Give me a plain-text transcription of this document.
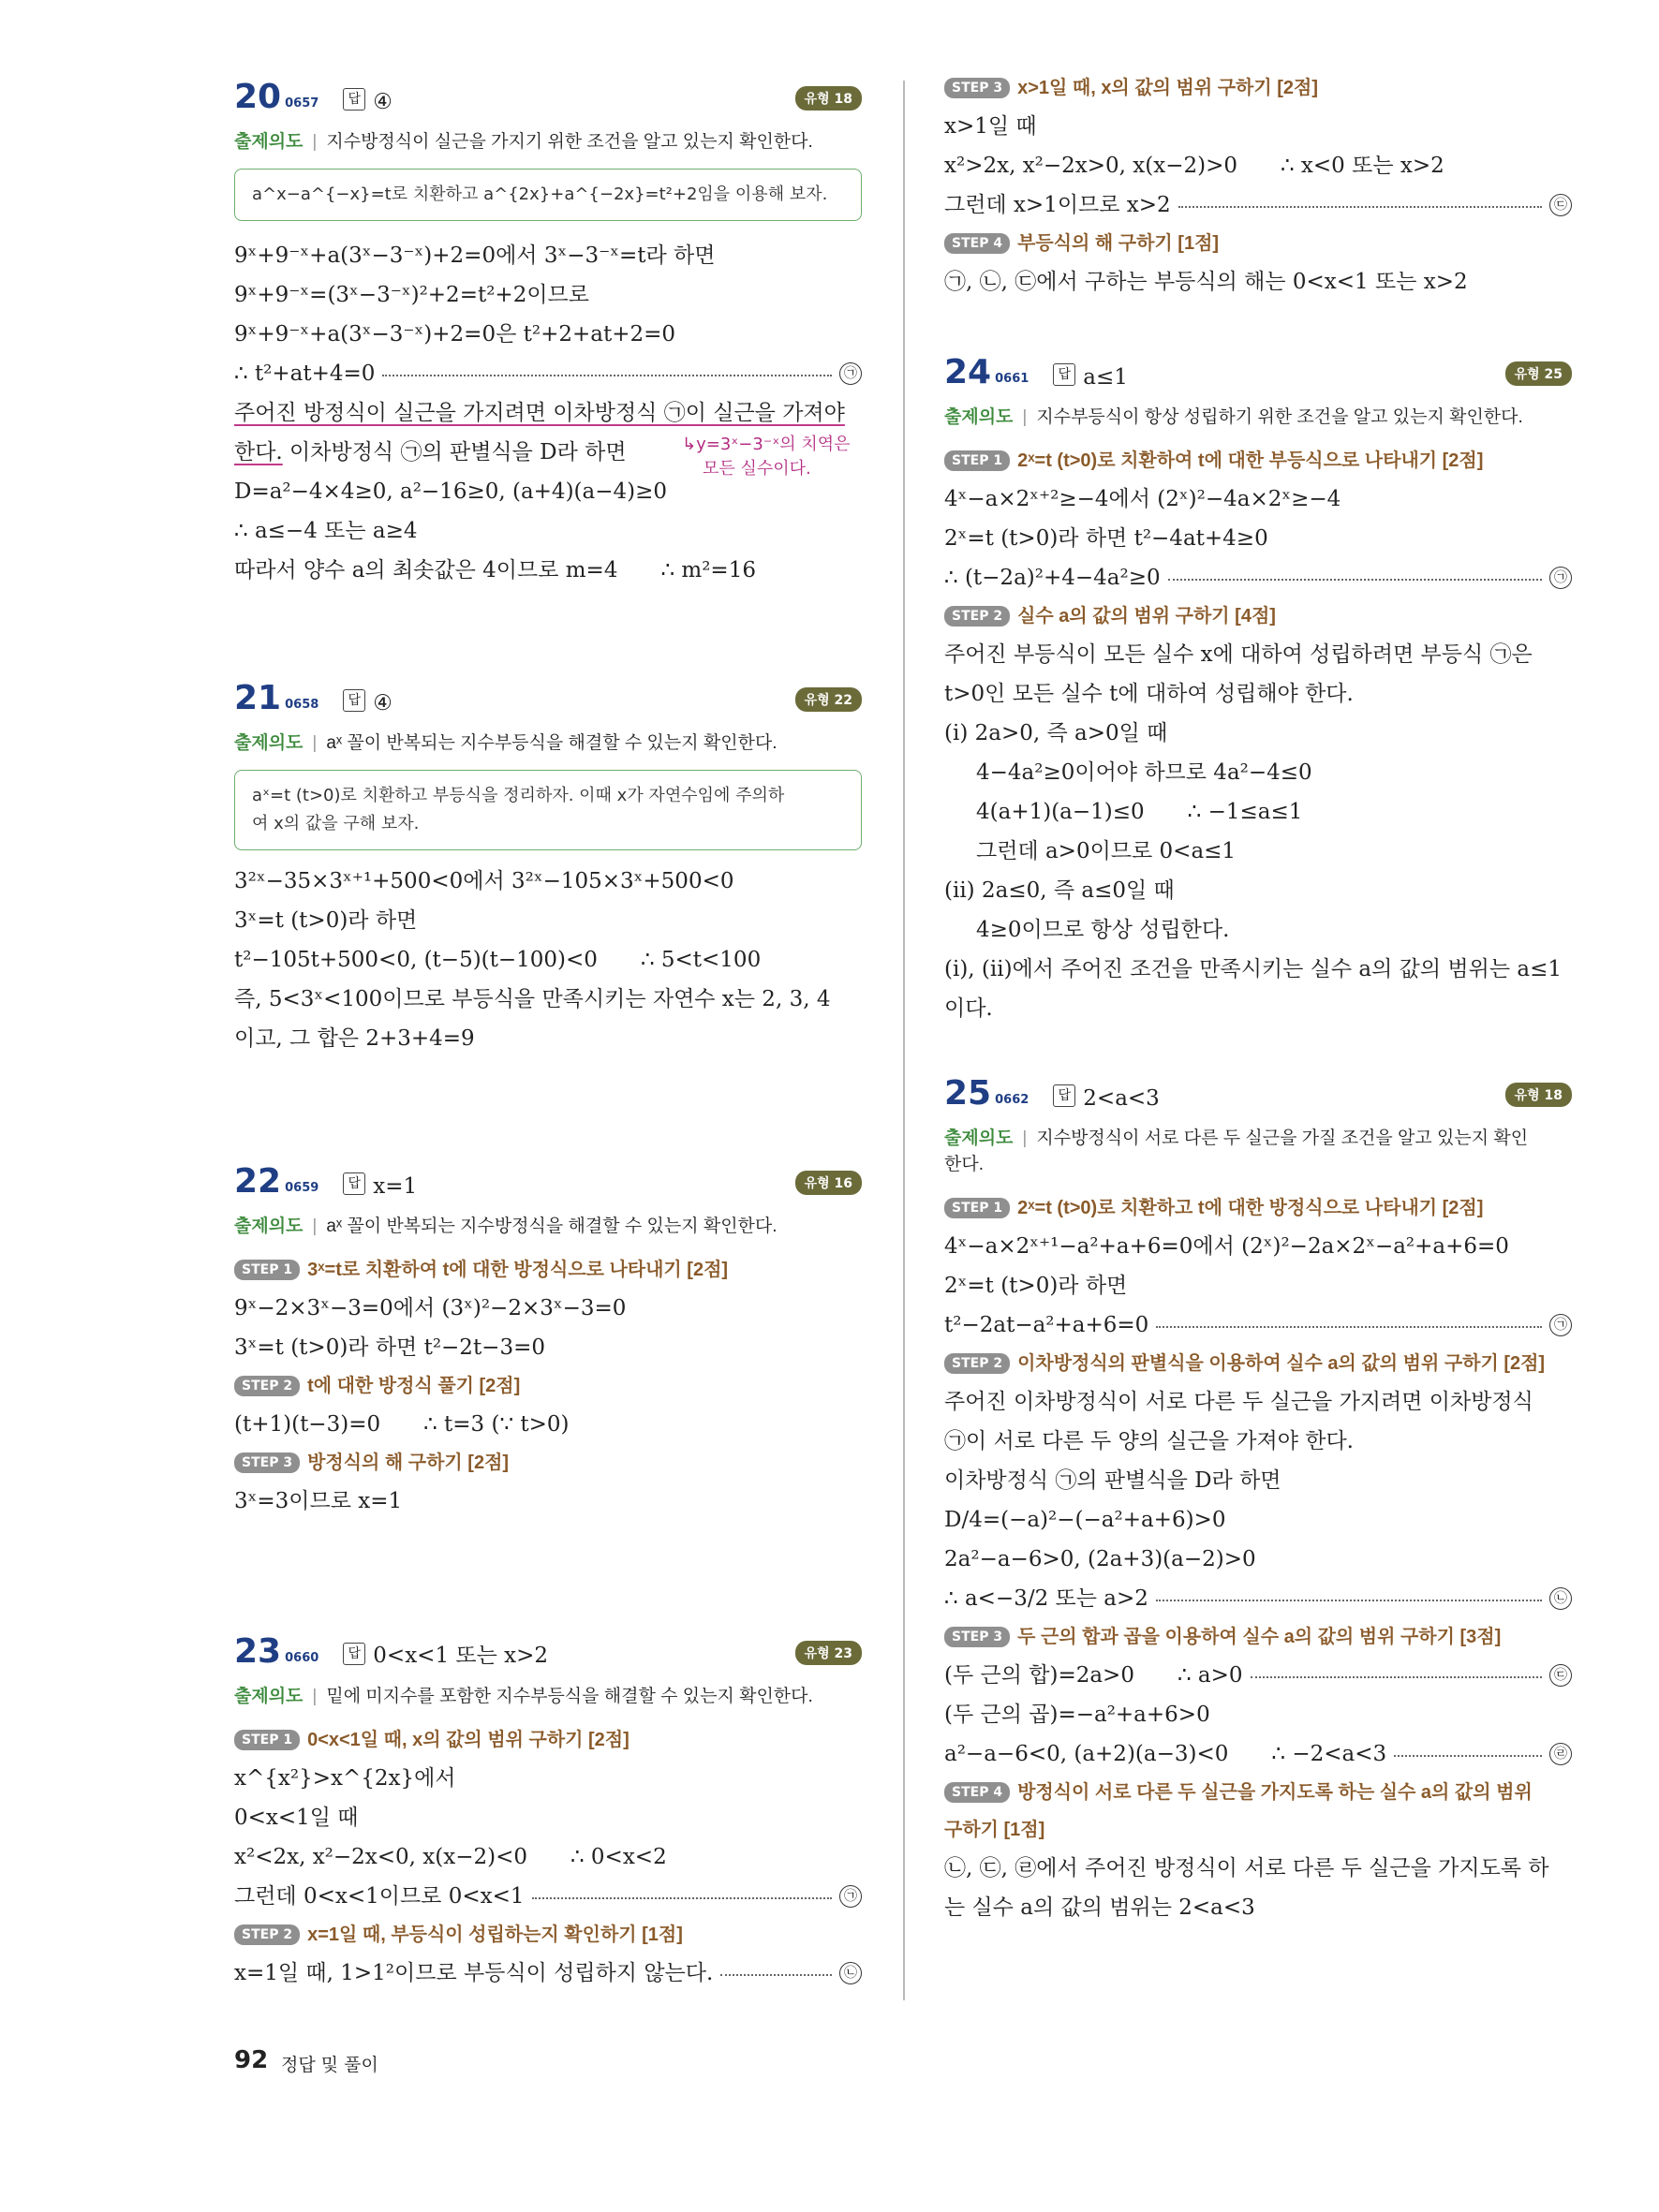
20 0657	답 ④	유형 18
출제의도 | 지수방정식이 실근을 가지기 위한 조건을 알고 있는지 확인한다.
a^x−a^{−x}=t로 치환하고 a^{2x}+a^{−2x}=t²+2임을 이용해 보자.
9ˣ+9⁻ˣ+a(3ˣ−3⁻ˣ)+2=0에서 3ˣ−3⁻ˣ=t라 하면
9ˣ+9⁻ˣ=(3ˣ−3⁻ˣ)²+2=t²+2이므로
9ˣ+9⁻ˣ+a(3ˣ−3⁻ˣ)+2=0은 t²+2+at+2=0
∴ t²+at+4=0	㉠
주어진 방정식이 실근을 가지려면 이차방정식 ㉠이 실근을 가져야
한다. 이차방정식 ㉠의 판별식을 D라 하면
D=a²−4×4≥0, a²−16≥0, (a+4)(a−4)≥0
∴ a≤−4 또는 a≥4
따라서 양수 a의 최솟값은 4이므로 m=4 ∴ m²=16
↳y=3ˣ−3⁻ˣ의 치역은
모든 실수이다.
21 0658	답 ④	유형 22
출제의도 | aˣ 꼴이 반복되는 지수부등식을 해결할 수 있는지 확인한다.
aˣ=t (t>0)로 치환하고 부등식을 정리하자. 이때 x가 자연수임에 주의하
여 x의 값을 구해 보자.
3²ˣ−35×3ˣ⁺¹+500<0에서 3²ˣ−105×3ˣ+500<0
3ˣ=t (t>0)라 하면
t²−105t+500<0, (t−5)(t−100)<0 ∴ 5<t<100
즉, 5<3ˣ<100이므로 부등식을 만족시키는 자연수 x는 2, 3, 4
이고, 그 합은 2+3+4=9
22 0659	답 x=1	유형 16
출제의도 | aˣ 꼴이 반복되는 지수방정식을 해결할 수 있는지 확인한다.
STEP 1 3ˣ=t로 치환하여 t에 대한 방정식으로 나타내기 [2점]
9ˣ−2×3ˣ−3=0에서 (3ˣ)²−2×3ˣ−3=0
3ˣ=t (t>0)라 하면 t²−2t−3=0
STEP 2 t에 대한 방정식 풀기 [2점]
(t+1)(t−3)=0 ∴ t=3 (∵ t>0)
STEP 3 방정식의 해 구하기 [2점]
3ˣ=3이므로 x=1
23 0660	답 0<x<1 또는 x>2	유형 23
출제의도 | 밑에 미지수를 포함한 지수부등식을 해결할 수 있는지 확인한다.
STEP 1 0<x<1일 때, x의 값의 범위 구하기 [2점]
x^{x²}>x^{2x}에서
0<x<1일 때
x²<2x, x²−2x<0, x(x−2)<0 ∴ 0<x<2
그런데 0<x<1이므로 0<x<1	㉠
STEP 2 x=1일 때, 부등식이 성립하는지 확인하기 [1점]
x=1일 때, 1>1²이므로 부등식이 성립하지 않는다.	㉡
STEP 3 x>1일 때, x의 값의 범위 구하기 [2점]
x>1일 때
x²>2x, x²−2x>0, x(x−2)>0 ∴ x<0 또는 x>2
그런데 x>1이므로 x>2	㉢
STEP 4 부등식의 해 구하기 [1점]
㉠, ㉡, ㉢에서 구하는 부등식의 해는 0<x<1 또는 x>2
24 0661	답 a≤1	유형 25
출제의도 | 지수부등식이 항상 성립하기 위한 조건을 알고 있는지 확인한다.
STEP 1 2ˣ=t (t>0)로 치환하여 t에 대한 부등식으로 나타내기 [2점]
4ˣ−a×2ˣ⁺²≥−4에서 (2ˣ)²−4a×2ˣ≥−4
2ˣ=t (t>0)라 하면 t²−4at+4≥0
∴ (t−2a)²+4−4a²≥0	㉠
STEP 2 실수 a의 값의 범위 구하기 [4점]
주어진 부등식이 모든 실수 x에 대하여 성립하려면 부등식 ㉠은
t>0인 모든 실수 t에 대하여 성립해야 한다.
(ⅰ) 2a>0, 즉 a>0일 때
4−4a²≥0이어야 하므로 4a²−4≤0
4(a+1)(a−1)≤0 ∴ −1≤a≤1
그런데 a>0이므로 0<a≤1
(ⅱ) 2a≤0, 즉 a≤0일 때
4≥0이므로 항상 성립한다.
(ⅰ), (ⅱ)에서 주어진 조건을 만족시키는 실수 a의 값의 범위는 a≤1
이다.
25 0662	답 2<a<3	유형 18
출제의도 | 지수방정식이 서로 다른 두 실근을 가질 조건을 알고 있는지 확인
한다.
STEP 1 2ˣ=t (t>0)로 치환하고 t에 대한 방정식으로 나타내기 [2점]
4ˣ−a×2ˣ⁺¹−a²+a+6=0에서 (2ˣ)²−2a×2ˣ−a²+a+6=0
2ˣ=t (t>0)라 하면
t²−2at−a²+a+6=0	㉠
STEP 2 이차방정식의 판별식을 이용하여 실수 a의 값의 범위 구하기 [2점]
주어진 이차방정식이 서로 다른 두 실근을 가지려면 이차방정식
㉠이 서로 다른 두 양의 실근을 가져야 한다.
이차방정식 ㉠의 판별식을 D라 하면
D/4=(−a)²−(−a²+a+6)>0
2a²−a−6>0, (2a+3)(a−2)>0
∴ a<−3/2 또는 a>2	㉡
STEP 3 두 근의 합과 곱을 이용하여 실수 a의 값의 범위 구하기 [3점]
(두 근의 합)=2a>0 ∴ a>0	㉢
(두 근의 곱)=−a²+a+6>0
a²−a−6<0, (a+2)(a−3)<0 ∴ −2<a<3	㉣
STEP 4 방정식이 서로 다른 두 실근을 가지도록 하는 실수 a의 값의 범위
구하기 [1점]
㉡, ㉢, ㉣에서 주어진 방정식이 서로 다른 두 실근을 가지도록 하
는 실수 a의 값의 범위는 2<a<3
92 정답 및 풀이
